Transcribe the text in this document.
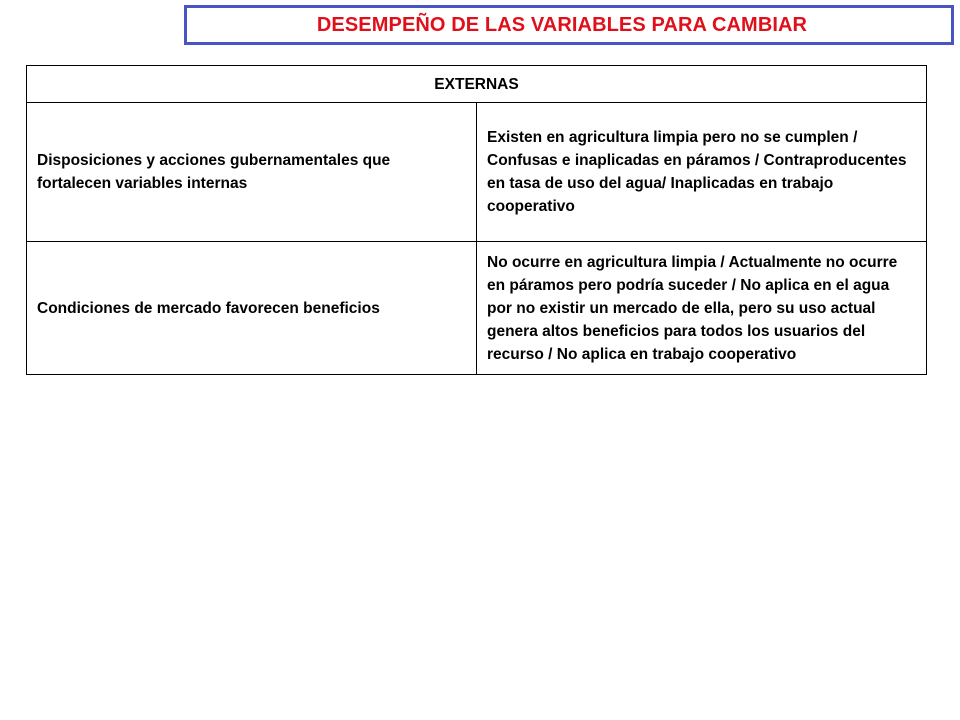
DESEMPEÑO DE LAS VARIABLES PARA CAMBIAR
EXTERNAS	
Disposiciones y acciones gubernamentales que fortalecen variables internas	Existen en agricultura limpia pero no se cumplen / Confusas e inaplicadas en páramos / Contraproducentes en tasa de uso del agua/ Inaplicadas en trabajo cooperativo
Condiciones de mercado favorecen beneficios	No ocurre en agricultura limpia / Actualmente no ocurre en páramos pero podría suceder / No aplica en el agua por no existir un mercado de ella, pero su uso actual genera altos beneficios para todos los usuarios del recurso / No aplica en trabajo cooperativo
